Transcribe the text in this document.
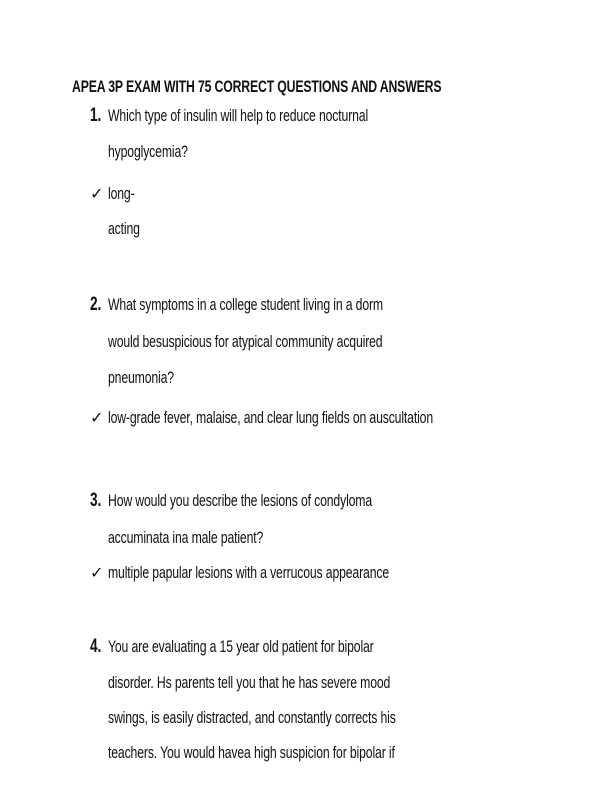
APEA 3P EXAM WITH 75 CORRECT QUESTIONS AND ANSWERS
1. Which type of insulin will help to reduce nocturnal
hypoglycemia?
✓ long-
acting
2. What symptoms in a college student living in a dorm
would besuspicious for atypical community acquired
pneumonia?
✓ low-grade fever, malaise, and clear lung fields on auscultation
3. How would you describe the lesions of condyloma
accuminata ina male patient?
✓ multiple papular lesions with a verrucous appearance
4. You are evaluating a 15 year old patient for bipolar
disorder. Hs parents tell you that he has severe mood
swings, is easily distracted, and constantly corrects his
teachers. You would havea high suspicion for bipolar if
